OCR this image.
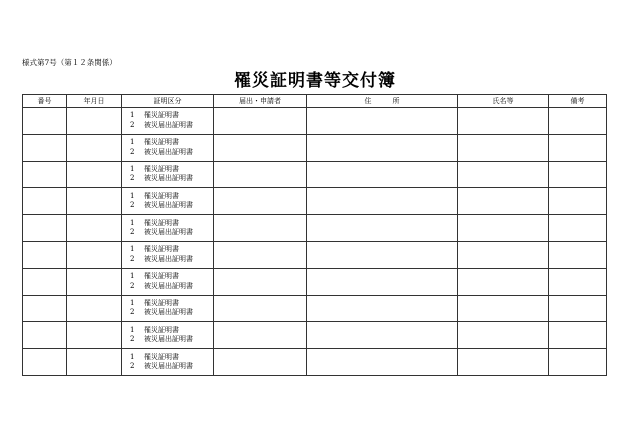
様式第7号（第１２条関係）
罹災証明書等交付簿
番号	年月日	証明区分	届出・申請者	住　　　所	氏名等	備考

		1 罹災証明書
2 被災届出証明書				

		1 罹災証明書
2 被災届出証明書				

		1 罹災証明書
2 被災届出証明書				

		1 罹災証明書
2 被災届出証明書				

		1 罹災証明書
2 被災届出証明書				

		1 罹災証明書
2 被災届出証明書				

		1 罹災証明書
2 被災届出証明書				

		1 罹災証明書
2 被災届出証明書				

		1 罹災証明書
2 被災届出証明書				

		1 罹災証明書
2 被災届出証明書				
